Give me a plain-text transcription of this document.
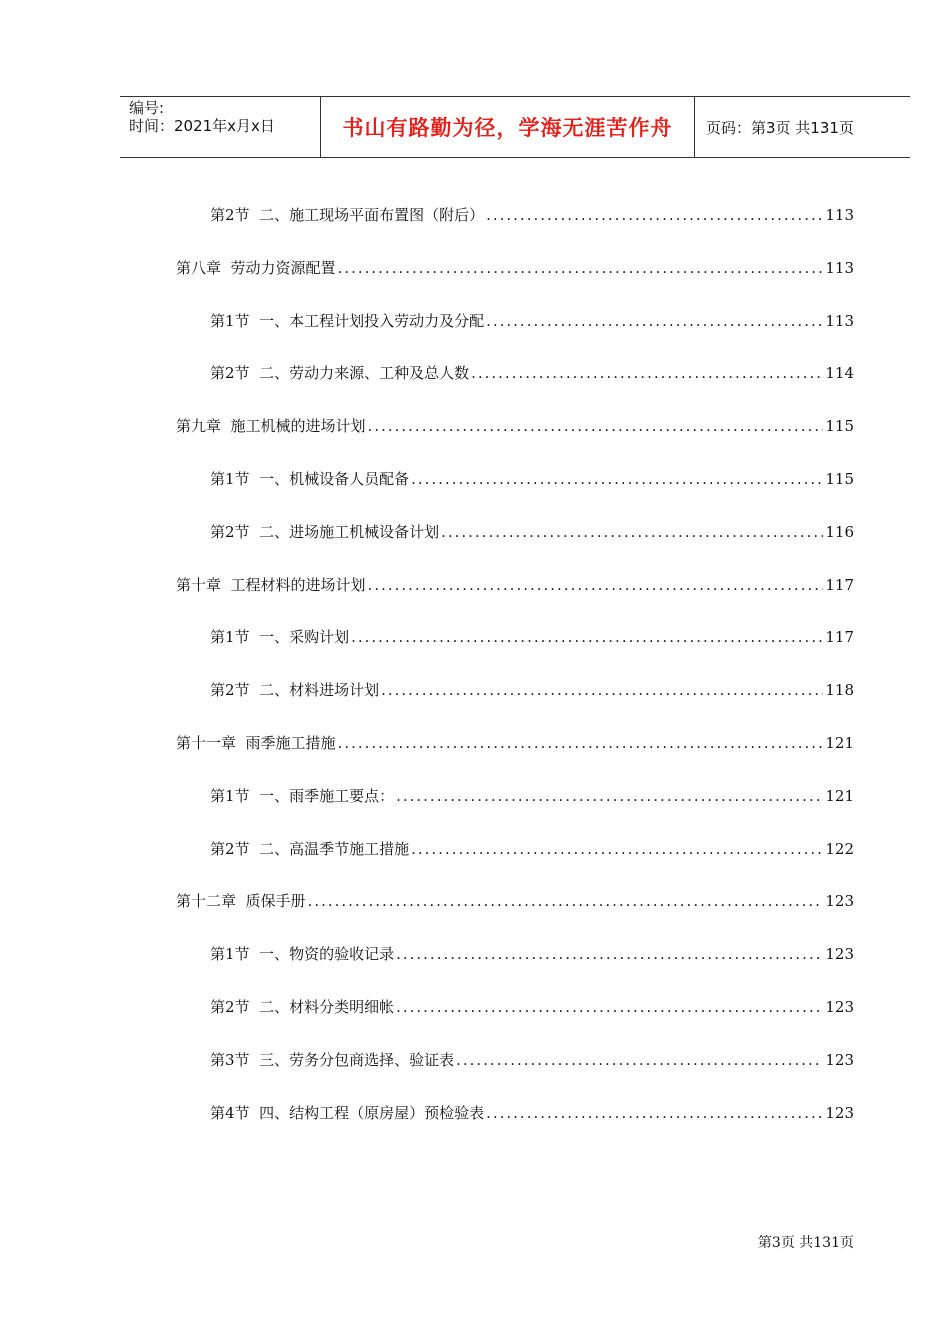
编号:
时间：2021年x月x日	书山有路勤为径，学海无涯苦作舟 页码：第3页 共131页
第2节  二、施工现场平面布置图（附后） .....	113
第八章  劳动力资源配置 .....	113
第1节  一、本工程计划投入劳动力及分配 .....	113
第2节  二、劳动力来源、工种及总人数 .....	114
第九章  施工机械的进场计划 .....	115
第1节  一、机械设备人员配备 .....	115
第2节  二、进场施工机械设备计划 .....	116
第十章  工程材料的进场计划 .....	117
第1节  一、采购计划 .....	117
第2节  二、材料进场计划 .....	118
第十一章  雨季施工措施 .....	121
第1节  一、雨季施工要点： .....	121
第2节  二、高温季节施工措施 .....	122
第十二章  质保手册 .....	123
第1节  一、物资的验收记录 .....	123
第2节  二、材料分类明细帐 .....	123
第3节  三、劳务分包商选择、验证表 .....	123
第4节  四、结构工程（原房屋）预检验表 .....	123
第3页 共131页
